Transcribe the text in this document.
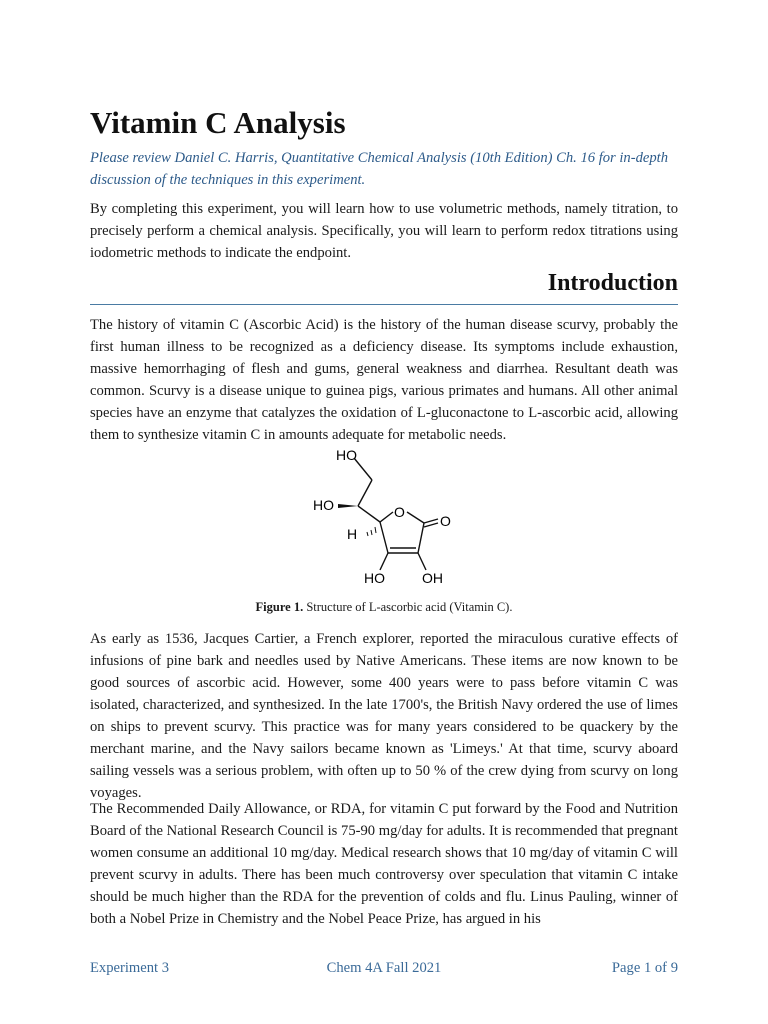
Vitamin C Analysis

Please review Daniel C. Harris, Quantitative Chemical Analysis (10th Edition) Ch. 16 for in-depth discussion of the techniques in this experiment.

By completing this experiment, you will learn how to use volumetric methods, namely titration, to precisely perform a chemical analysis. Specifically, you will learn to perform redox titrations using iodometric methods to indicate the endpoint.

Introduction

The history of vitamin C (Ascorbic Acid) is the history of the human disease scurvy, probably the first human illness to be recognized as a deficiency disease. Its symptoms include exhaustion, massive hemorrhaging of flesh and gums, general weakness and diarrhea. Resultant death was common. Scurvy is a disease unique to guinea pigs, various primates and humans. All other animal species have an enzyme that catalyzes the oxidation of L-gluconactone to L-ascorbic acid, allowing them to synthesize vitamin C in amounts adequate for metabolic needs.

HO
HO
H
O
O
HO	OH

Figure 1. Structure of L-ascorbic acid (Vitamin C).

As early as 1536, Jacques Cartier, a French explorer, reported the miraculous curative effects of infusions of pine bark and needles used by Native Americans. These items are now known to be good sources of ascorbic acid. However, some 400 years were to pass before vitamin C was isolated, characterized, and synthesized. In the late 1700's, the British Navy ordered the use of limes on ships to prevent scurvy. This practice was for many years considered to be quackery by the merchant marine, and the Navy sailors became known as 'Limeys.' At that time, scurvy aboard sailing vessels was a serious problem, with often up to 50 % of the crew dying from scurvy on long voyages.

The Recommended Daily Allowance, or RDA, for vitamin C put forward by the Food and Nutrition Board of the National Research Council is 75-90 mg/day for adults. It is recommended that pregnant women consume an additional 10 mg/day. Medical research shows that 10 mg/day of vitamin C will prevent scurvy in adults. There has been much controversy over speculation that vitamin C intake should be much higher than the RDA for the prevention of colds and flu. Linus Pauling, winner of both a Nobel Prize in Chemistry and the Nobel Peace Prize, has argued in his

Experiment 3	Chem 4A Fall 2021	Page 1 of 9
